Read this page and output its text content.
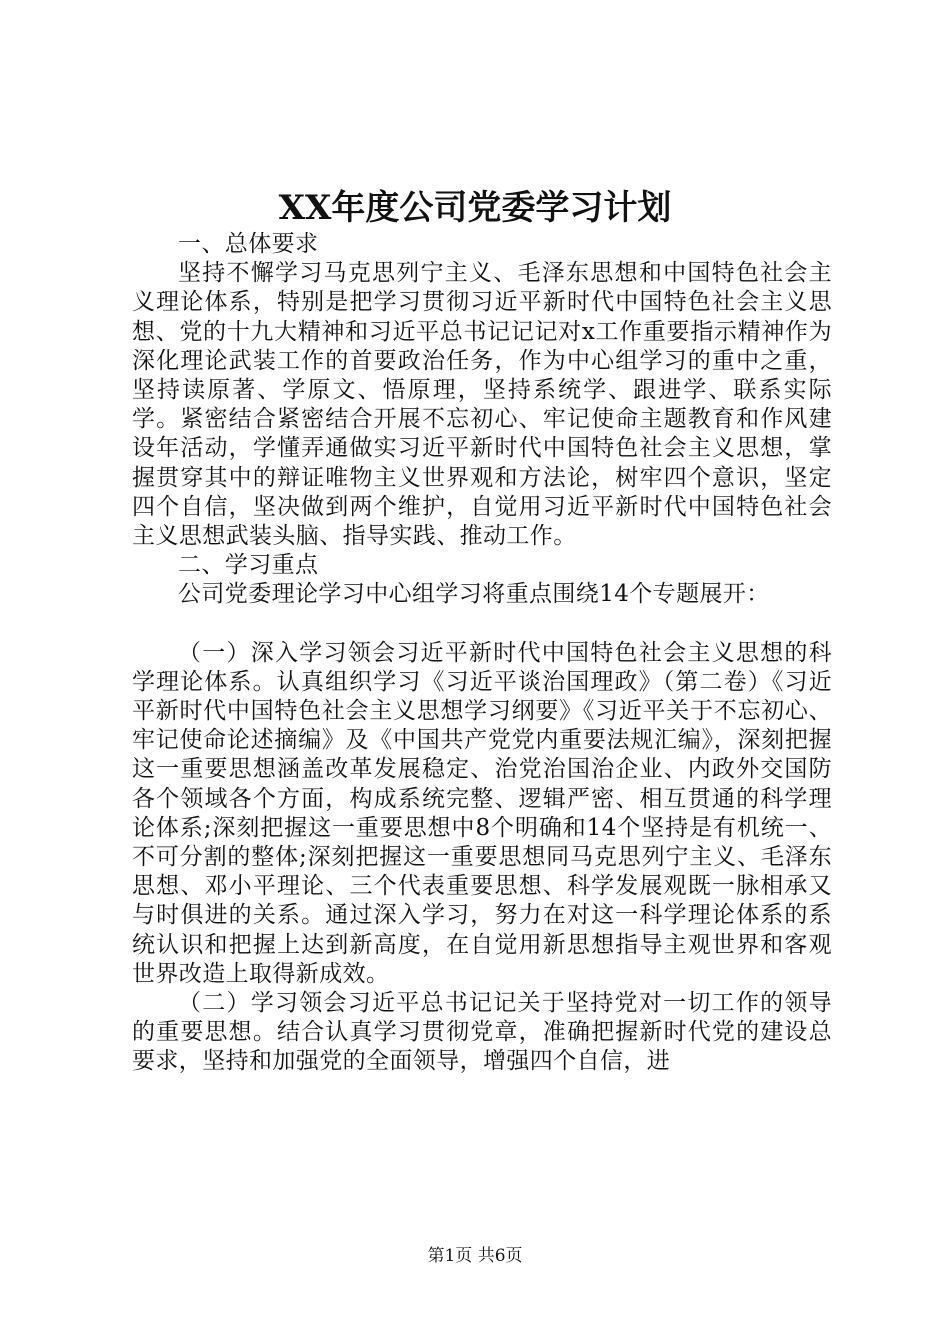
XX年度公司党委学习计划

一、总体要求

坚持不懈学习马克思列宁主义、毛泽东思想和中国特色社会主义理论体系，特别是把学习贯彻习近平新时代中国特色社会主义思想、党的十九大精神和习近平总书记记记对x工作重要指示精神作为深化理论武装工作的首要政治任务，作为中心组学习的重中之重，坚持读原著、学原文、悟原理，坚持系统学、跟进学、联系实际学。紧密结合紧密结合开展不忘初心、牢记使命主题教育和作风建设年活动，学懂弄通做实习近平新时代中国特色社会主义思想，掌握贯穿其中的辩证唯物主义世界观和方法论，树牢四个意识，坚定四个自信，坚决做到两个维护，自觉用习近平新时代中国特色社会主义思想武装头脑、指导实践、推动工作。

二、学习重点

公司党委理论学习中心组学习将重点围绕14个专题展开：

（一）深入学习领会习近平新时代中国特色社会主义思想的科学理论体系。认真组织学习《习近平谈治国理政》（第二卷）《习近平新时代中国特色社会主义思想学习纲要》《习近平关于不忘初心、牢记使命论述摘编》及《中国共产党党内重要法规汇编》，深刻把握这一重要思想涵盖改革发展稳定、治党治国治企业、内政外交国防各个领域各个方面，构成系统完整、逻辑严密、相互贯通的科学理论体系;深刻把握这一重要思想中8个明确和14个坚持是有机统一、不可分割的整体;深刻把握这一重要思想同马克思列宁主义、毛泽东思想、邓小平理论、三个代表重要思想、科学发展观既一脉相承又与时俱进的关系。通过深入学习，努力在对这一科学理论体系的系统认识和把握上达到新高度，在自觉用新思想指导主观世界和客观世界改造上取得新成效。

（二）学习领会习近平总书记记关于坚持党对一切工作的领导的重要思想。结合认真学习贯彻党章，准确把握新时代党的建设总要求，坚持和加强党的全面领导，增强四个自信，进

第1页 共6页
